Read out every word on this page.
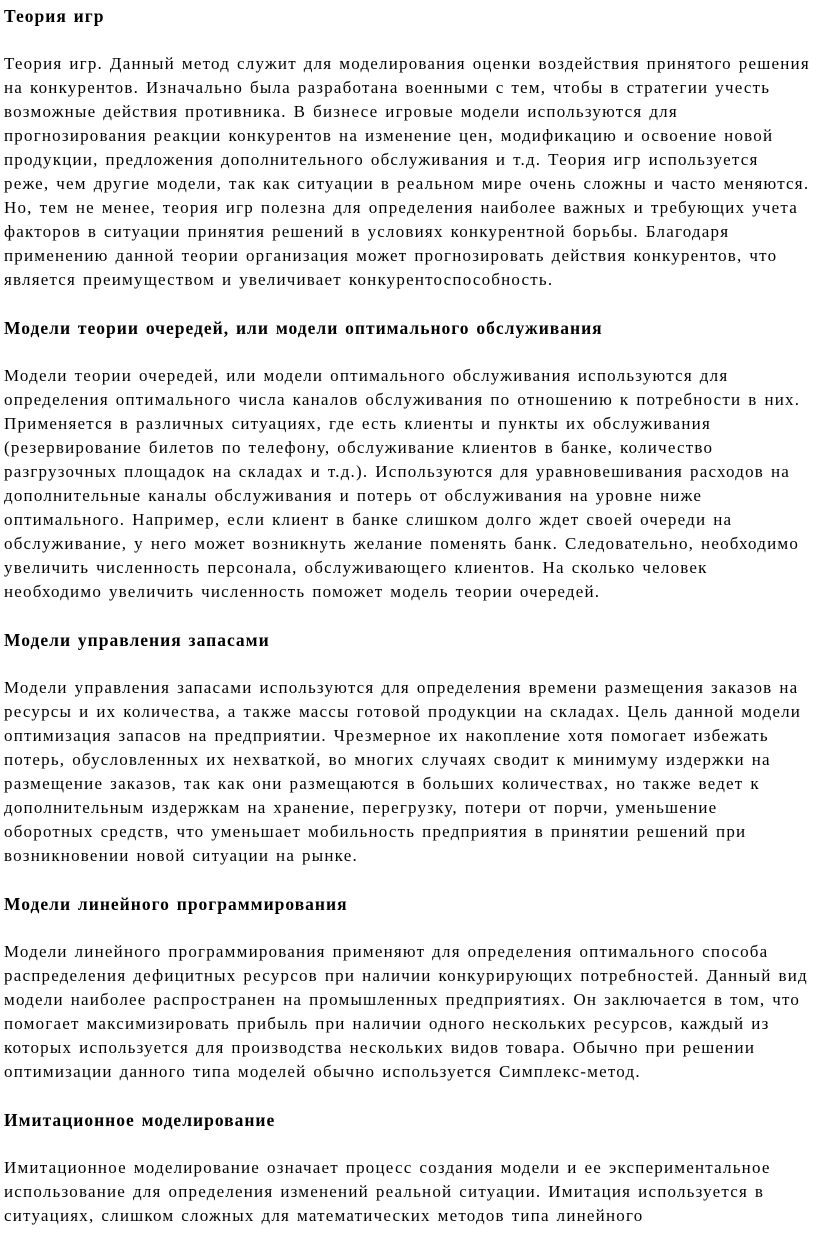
Теория игр

Теория игр. Данный метод служит для моделирования оценки воздействия принятого решения на конкурентов. Изначально была разработана военными с тем, чтобы в стратегии учесть возможные действия противника. В бизнесе игровые модели используются для прогнозирования реакции конкурентов на изменение цен, модификацию и освоение новой продукции, предложения дополнительного обслуживания и т.д. Теория игр используется реже, чем другие модели, так как ситуации в реальном мире очень сложны и часто меняются. Но, тем не менее, теория игр полезна для определения наиболее важных и требующих учета факторов в ситуации принятия решений в условиях конкурентной борьбы. Благодаря применению данной теории организация может прогнозировать действия конкурентов, что является преимуществом и увеличивает конкурентоспособность.

Модели теории очередей, или модели оптимального обслуживания

Модели теории очередей, или модели оптимального обслуживания используются для определения оптимального числа каналов обслуживания по отношению к потребности в них. Применяется в различных ситуациях, где есть клиенты и пункты их обслуживания (резервирование билетов по телефону, обслуживание клиентов в банке, количество разгрузочных площадок на складах и т.д.). Используются для уравновешивания расходов на дополнительные каналы обслуживания и потерь от обслуживания на уровне ниже оптимального. Например, если клиент в банке слишком долго ждет своей очереди на обслуживание, у него может возникнуть желание поменять банк. Следовательно, необходимо увеличить численность персонала, обслуживающего клиентов. На сколько человек необходимо увеличить численность поможет модель теории очередей.

Модели управления запасами

Модели управления запасами используются для определения времени размещения заказов на ресурсы и их количества, а также массы готовой продукции на складах. Цель данной модели оптимизация запасов на предприятии. Чрезмерное их накопление хотя помогает избежать потерь, обусловленных их нехваткой, во многих случаях сводит к минимуму издержки на размещение заказов, так как они размещаются в больших количествах, но также ведет к дополнительным издержкам на хранение, перегрузку, потери от порчи, уменьшение оборотных средств, что уменьшает мобильность предприятия в принятии решений при возникновении новой ситуации на рынке.

Модели линейного программирования

Модели линейного программирования применяют для определения оптимального способа распределения дефицитных ресурсов при наличии конкурирующих потребностей. Данный вид модели наиболее распространен на промышленных предприятиях. Он заключается в том, что помогает максимизировать прибыль при наличии одного нескольких ресурсов, каждый из которых используется для производства нескольких видов товара. Обычно при решении оптимизации данного типа моделей обычно используется Симплекс-метод.

Имитационное моделирование

Имитационное моделирование означает процесс создания модели и ее экспериментальное использование для определения изменений реальной ситуации. Имитация используется в ситуациях, слишком сложных для математических методов типа линейного
